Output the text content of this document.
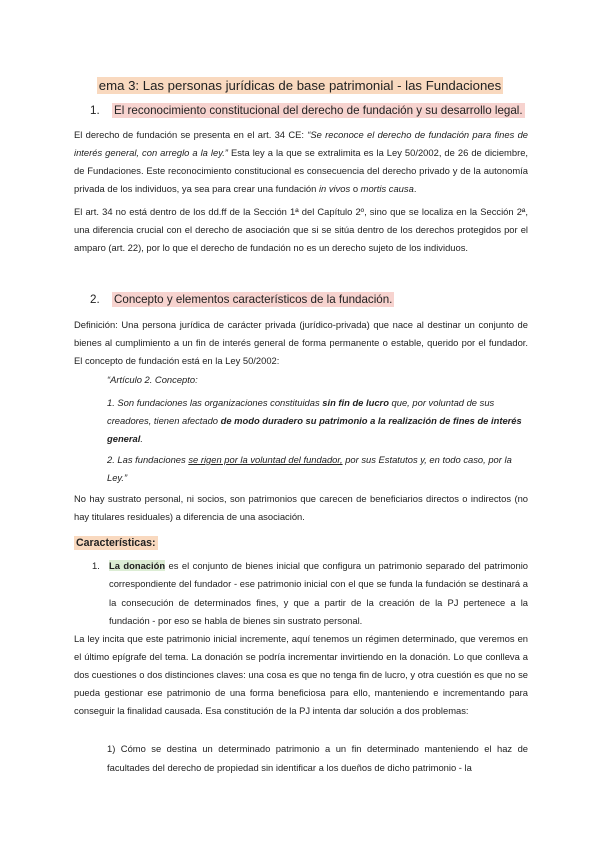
ema 3: Las personas jurídicas de base patrimonial - las Fundaciones
1. El reconocimiento constitucional del derecho de fundación y su desarrollo legal.
El derecho de fundación se presenta en el art. 34 CE: “Se reconoce el derecho de fundación para fines de interés general, con arreglo a la ley.” Esta ley a la que se extralimita es la Ley 50/2002, de 26 de diciembre, de Fundaciones. Este reconocimiento constitucional es consecuencia del derecho privado y de la autonomía privada de los individuos, ya sea para crear una fundación in vivos o mortis causa.
El art. 34 no está dentro de los dd.ff de la Sección 1ª del Capítulo 2º, sino que se localiza en la Sección 2ª, una diferencia crucial con el derecho de asociación que si se sitúa dentro de los derechos protegidos por el amparo (art. 22), por lo que el derecho de fundación no es un derecho sujeto de los individuos.
2. Concepto y elementos característicos de la fundación.
Definición: Una persona jurídica de carácter privada (jurídico-privada) que nace al destinar un conjunto de bienes al cumplimiento a un fin de interés general de forma permanente o estable, querido por el fundador. El concepto de fundación está en la Ley 50/2002:
“Artículo 2. Concepto:
1. Son fundaciones las organizaciones constituidas sin fin de lucro que, por voluntad de sus creadores, tienen afectado de modo duradero su patrimonio a la realización de fines de interés general.
2. Las fundaciones se rigen por la voluntad del fundador, por sus Estatutos y, en todo caso, por la Ley.”
No hay sustrato personal, ni socios, son patrimonios que carecen de beneficiarios directos o indirectos (no hay titulares residuales) a diferencia de una asociación.
Características:
1. La donación es el conjunto de bienes inicial que configura un patrimonio separado del patrimonio correspondiente del fundador - ese patrimonio inicial con el que se funda la fundación se destinará a la consecución de determinados fines, y que a partir de la creación de la PJ pertenece a la fundación - por eso se habla de bienes sin sustrato personal.
La ley incita que este patrimonio inicial incremente, aquí tenemos un régimen determinado, que veremos en el último epígrafe del tema. La donación se podría incrementar invirtiendo en la donación. Lo que conlleva a dos cuestiones o dos distinciones claves: una cosa es que no tenga fin de lucro, y otra cuestión es que no se pueda gestionar ese patrimonio de una forma beneficiosa para ello, manteniendo e incrementando para conseguir la finalidad causada. Esa constitución de la PJ intenta dar solución a dos problemas:
1) Cómo se destina un determinado patrimonio a un fin determinado manteniendo el haz de facultades del derecho de propiedad sin identificar a los dueños de dicho patrimonio - la
